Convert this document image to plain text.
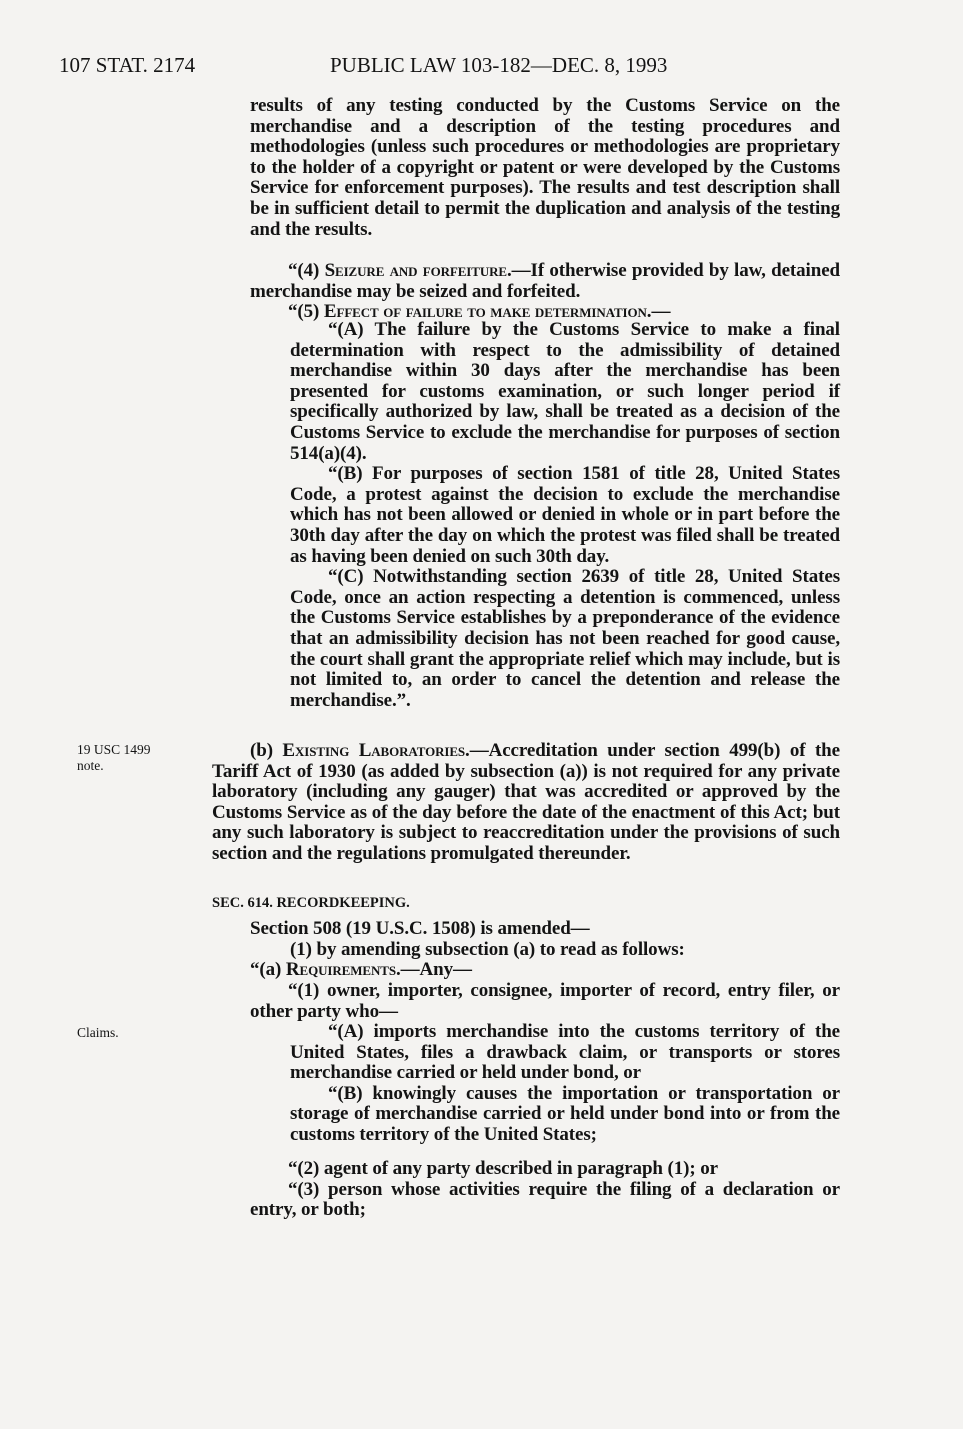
107 STAT. 2174	PUBLIC LAW 103-182—DEC. 8, 1993

results of any testing conducted by the Customs Service on the merchandise and a description of the testing procedures and methodologies (unless such procedures or methodologies are proprietary to the holder of a copyright or patent or were developed by the Customs Service for enforcement purposes). The results and test description shall be in sufficient detail to permit the duplication and analysis of the testing and the results.

“(4) Seizure and forfeiture.—If otherwise provided by law, detained merchandise may be seized and forfeited.

“(5) Effect of failure to make determination.—

“(A) The failure by the Customs Service to make a final determination with respect to the admissibility of detained merchandise within 30 days after the merchandise has been presented for customs examination, or such longer period if specifically authorized by law, shall be treated as a decision of the Customs Service to exclude the merchandise for purposes of section 514(a)(4).

“(B) For purposes of section 1581 of title 28, United States Code, a protest against the decision to exclude the merchandise which has not been allowed or denied in whole or in part before the 30th day after the day on which the protest was filed shall be treated as having been denied on such 30th day.

“(C) Notwithstanding section 2639 of title 28, United States Code, once an action respecting a detention is commenced, unless the Customs Service establishes by a preponderance of the evidence that an admissibility decision has not been reached for good cause, the court shall grant the appropriate relief which may include, but is not limited to, an order to cancel the detention and release the merchandise.”.

19 USC 1499
note.

(b) Existing Laboratories.—Accreditation under section 499(b) of the Tariff Act of 1930 (as added by subsection (a)) is not required for any private laboratory (including any gauger) that was accredited or approved by the Customs Service as of the day before the date of the enactment of this Act; but any such laboratory is subject to reaccreditation under the provisions of such section and the regulations promulgated thereunder.

SEC. 614. RECORDKEEPING.

Section 508 (19 U.S.C. 1508) is amended—

(1) by amending subsection (a) to read as follows:

“(a) Requirements.—Any—

“(1) owner, importer, consignee, importer of record, entry filer, or other party who—

Claims.	“(A) imports merchandise into the customs territory of the United States, files a drawback claim, or transports or stores merchandise carried or held under bond, or

“(B) knowingly causes the importation or transportation or storage of merchandise carried or held under bond into or from the customs territory of the United States;

“(2) agent of any party described in paragraph (1); or

“(3) person whose activities require the filing of a declaration or entry, or both;
